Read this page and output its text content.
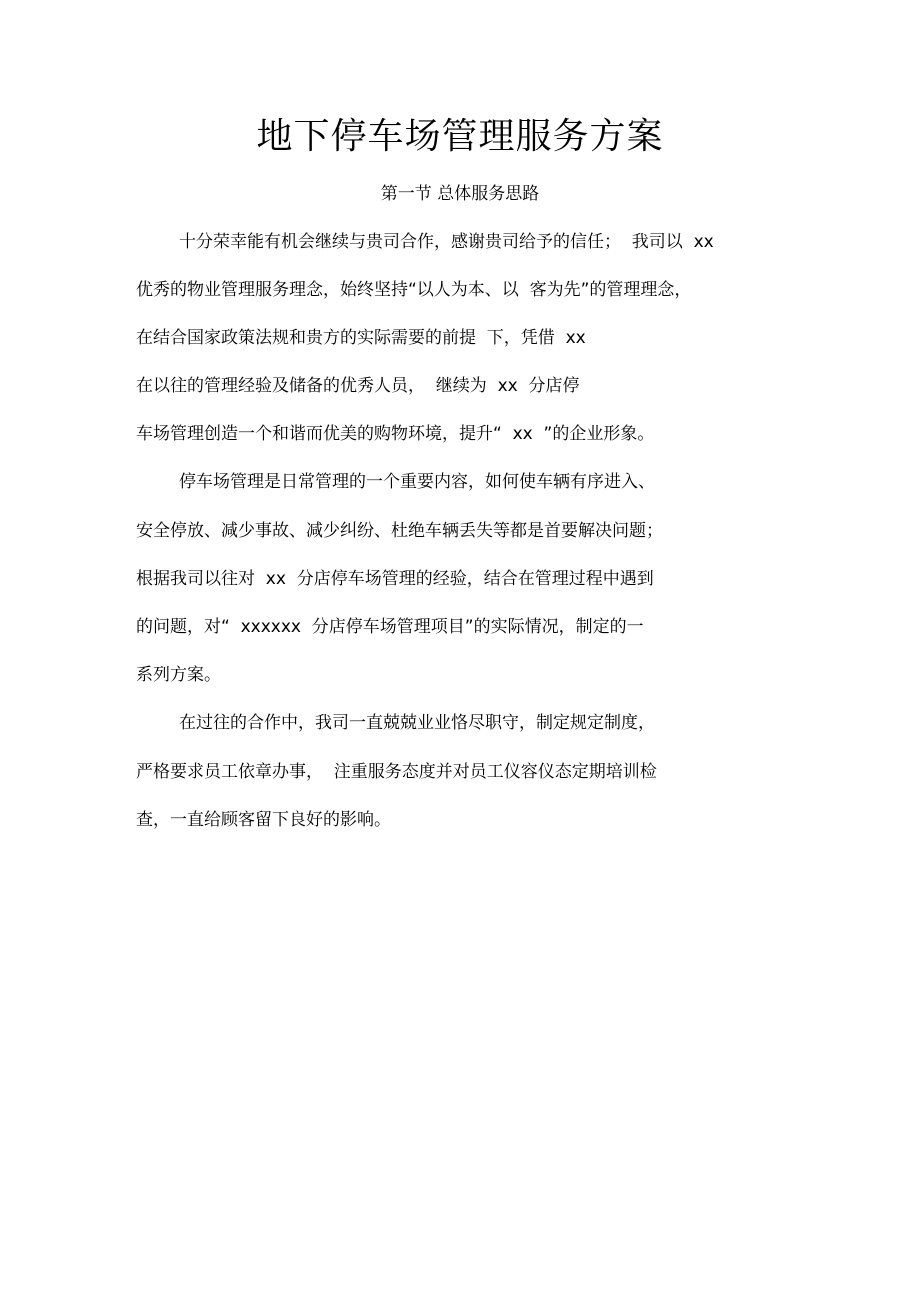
地下停车场管理服务方案
第一节 总体服务思路
十分荣幸能有机会继续与贵司合作，感谢贵司给予的信任；  我司以  xx
优秀的物业管理服务理念，始终坚持“以人为本、以  客为先”的管理理念，
在结合国家政策法规和贵方的实际需要的前提  下，凭借  xx
在以往的管理经验及储备的优秀人员，  继续为  xx  分店停
车场管理创造一个和谐而优美的购物环境，提升“  xx  ”的企业形象。
停车场管理是日常管理的一个重要内容，如何使车辆有序进入、
安全停放、减少事故、减少纠纷、杜绝车辆丢失等都是首要解决问题；
根据我司以往对  xx  分店停车场管理的经验，结合在管理过程中遇到
的问题，对“  xxxxxx  分店停车场管理项目”的实际情况，制定的一
系列方案。
在过往的合作中，我司一直兢兢业业恪尽职守，制定规定制度，
严格要求员工依章办事，  注重服务态度并对员工仪容仪态定期培训检
查，一直给顾客留下良好的影响。
